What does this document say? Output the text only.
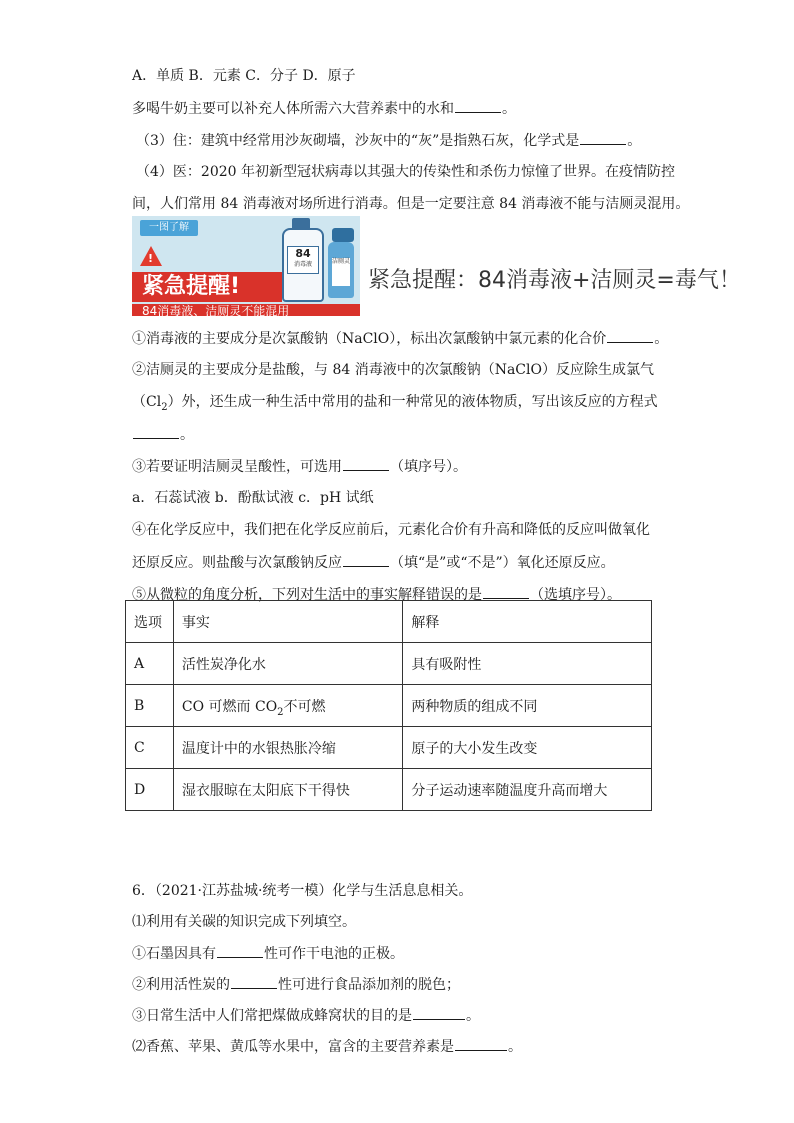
A．单质 B．元素 C．分子 D．原子
多喝牛奶主要可以补充人体所需六大营养素中的水和	。
（3）住：建筑中经常用沙灰砌墙，沙灰中的“灰”是指熟石灰，化学式是	。
（4）医：2020 年初新型冠状病毒以其强大的传染性和杀伤力惊憧了世界。在疫情防控
间，人们常用 84 消毒液对场所进行消毒。但是一定要注意 84 消毒液不能与洁厕灵混用。
一图了解
!
紧急提醒!
84消毒液、洁厕灵不能混用
84
消毒液	洁厕灵
紧急提醒：84消毒液+洁厕灵=毒气！
①消毒液的主要成分是次氯酸钠（NaClO），标出次氯酸钠中氯元素的化合价	。
②洁厕灵的主要成分是盐酸，与 84 消毒液中的次氯酸钠（NaClO）反应除生成氯气
$(Cl_2)$外，还生成一种生活中常用的盐和一种常见的液体物质，写出该反应的方程式
。
③若要证明洁厕灵呈酸性，可选用	（填序号）。
a．石蕊试液 b．酚酞试液 c．pH 试纸
④在化学反应中，我们把在化学反应前后，元素化合价有升高和降低的反应叫做氧化
还原反应。则盐酸与次氯酸钠反应	（填“是”或“不是”）氧化还原反应。
⑤从微粒的角度分析，下列对生活中的事实解释错误的是	（选填序号）。
选项	事实	解释
A	活性炭净化水	具有吸附性
B	CO 可燃而 $CO_2$不可燃	两种物质的组成不同
C	温度计中的水银热胀冷缩	原子的大小发生改变
D	湿衣服晾在太阳底下干得快	分子运动速率随温度升高而增大
6．（2021·江苏盐城·统考一模）化学与生活息息相关。
⑴利用有关碳的知识完成下列填空。
①石墨因具有	性可作干电池的正极。
②利用活性炭的	性可进行食品添加剂的脱色；
③日常生活中人们常把煤做成蜂窝状的目的是	。
⑵香蕉、苹果、黄瓜等水果中，富含的主要营养素是	。
